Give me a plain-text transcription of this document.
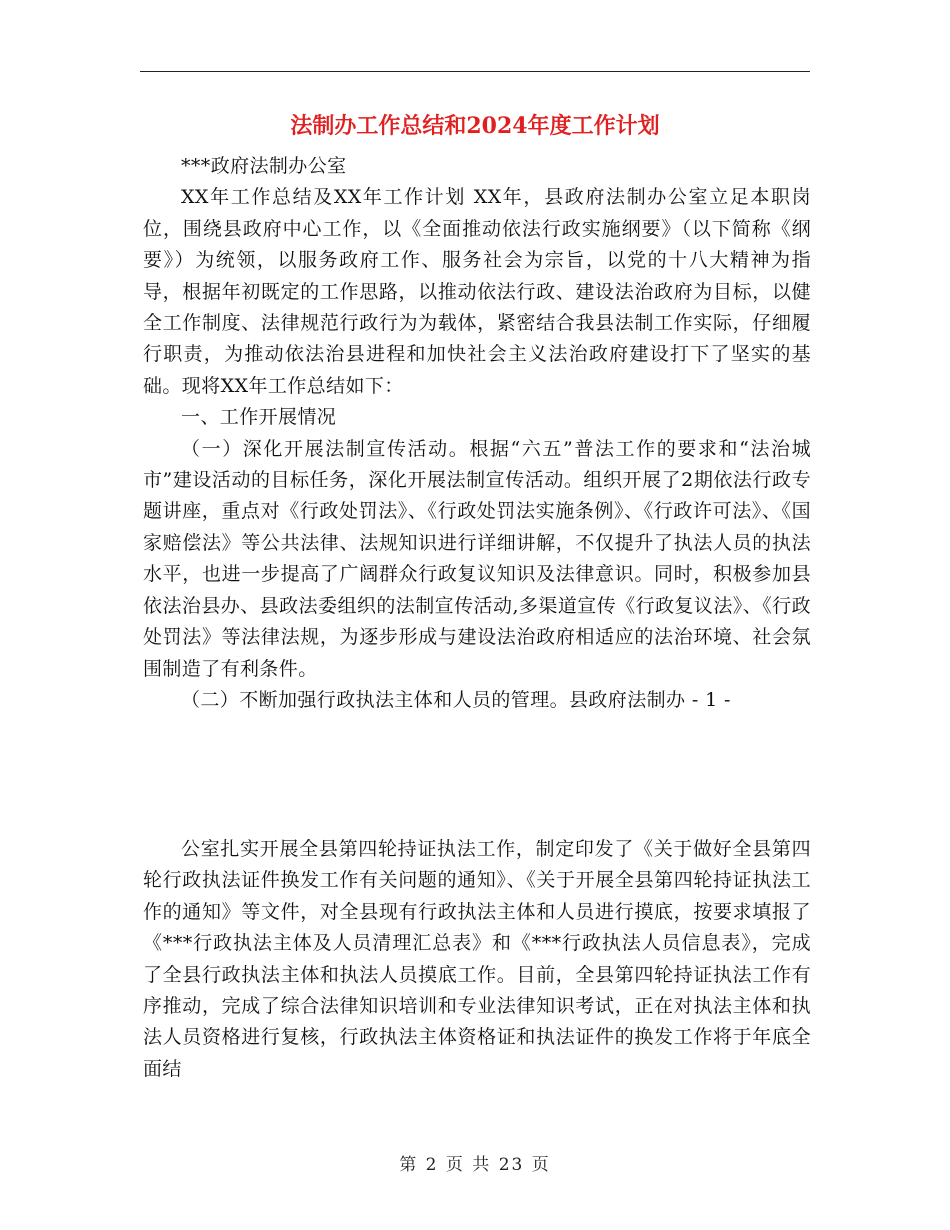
法制办工作总结和2024年度工作计划

***政府法制办公室

XX年工作总结及XX年工作计划 XX年，县政府法制办公室立足本职岗位，围绕县政府中心工作，以《全面推动依法行政实施纲要》（以下简称《纲要》）为统领，以服务政府工作、服务社会为宗旨，以党的十八大精神为指导，根据年初既定的工作思路，以推动依法行政、建设法治政府为目标，以健全工作制度、法律规范行政行为为载体，紧密结合我县法制工作实际，仔细履行职责，为推动依法治县进程和加快社会主义法治政府建设打下了坚实的基础。现将XX年工作总结如下：

一、工作开展情况

（一）深化开展法制宣传活动。根据“六五”普法工作的要求和“法治城市”建设活动的目标任务，深化开展法制宣传活动。组织开展了2期依法行政专题讲座，重点对《行政处罚法》、《行政处罚法实施条例》、《行政许可法》、《国家赔偿法》等公共法律、法规知识进行详细讲解，不仅提升了执法人员的执法水平，也进一步提高了广阔群众行政复议知识及法律意识。同时，积极参加县依法治县办、县政法委组织的法制宣传活动,多渠道宣传《行政复议法》、《行政处罚法》等法律法规，为逐步形成与建设法治政府相适应的法治环境、社会氛围制造了有利条件。

（二）不断加强行政执法主体和人员的管理。县政府法制办 - 1 -

公室扎实开展全县第四轮持证执法工作，制定印发了《关于做好全县第四轮行政执法证件换发工作有关问题的通知》、《关于开展全县第四轮持证执法工作的通知》等文件，对全县现有行政执法主体和人员进行摸底，按要求填报了《***行政执法主体及人员清理汇总表》和《***行政执法人员信息表》，完成了全县行政执法主体和执法人员摸底工作。目前，全县第四轮持证执法工作有序推动，完成了综合法律知识培训和专业法律知识考试，正在对执法主体和执法人员资格进行复核，行政执法主体资格证和执法证件的换发工作将于年底全面结

第 2 页 共 23 页
